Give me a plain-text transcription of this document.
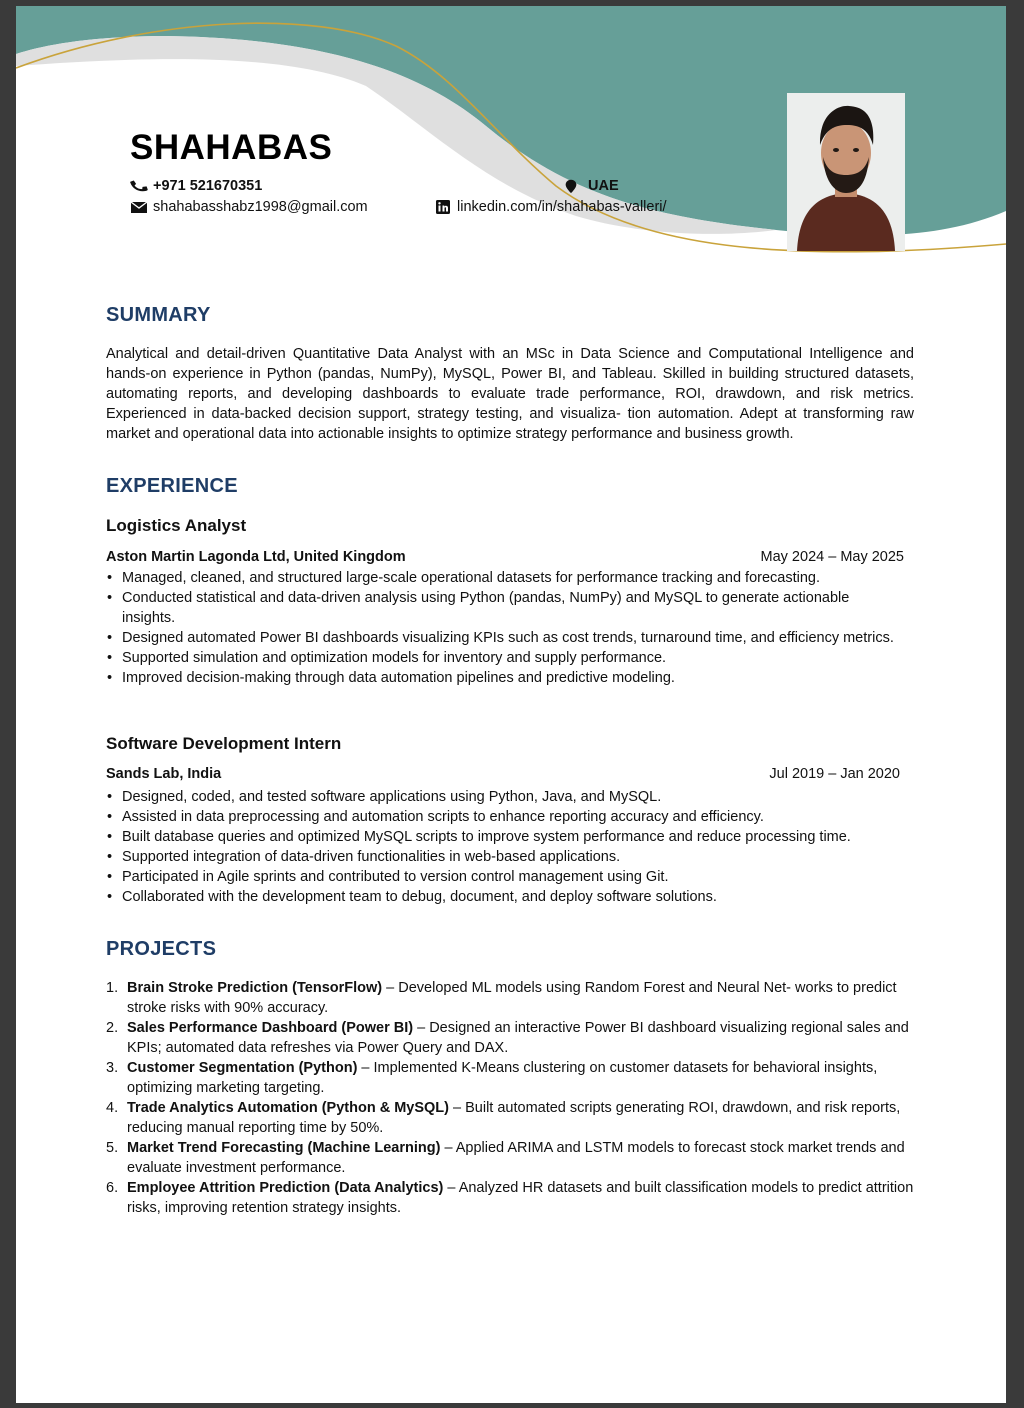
SHAHABAS
+971 521670351
shahabasshabz1998@gmail.com
UAE
linkedin.com/in/shahabas-valleri/
SUMMARY

Analytical and detail-driven Quantitative Data Analyst with an MSc in Data Science and Computational Intelligence and hands-on experience in Python (pandas, NumPy), MySQL, Power BI, and Tableau. Skilled in building structured datasets, automating reports, and developing dashboards to evaluate trade performance, ROI, drawdown, and risk metrics. Experienced in data-backed decision support, strategy testing, and visualiza- tion automation. Adept at transforming raw market and operational data into actionable insights to optimize strategy performance and business growth.

EXPERIENCE
Logistics Analyst
Aston Martin Lagonda Ltd, United Kingdom	May 2024 – May 2025
• Managed, cleaned, and structured large-scale operational datasets for performance tracking and forecasting.
• Conducted statistical and data-driven analysis using Python (pandas, NumPy) and MySQL to generate actionable insights.
• Designed automated Power BI dashboards visualizing KPIs such as cost trends, turnaround time, and efficiency metrics.
• Supported simulation and optimization models for inventory and supply performance.
• Improved decision-making through data automation pipelines and predictive modeling.
Software Development Intern
Sands Lab, India	Jul 2019 – Jan 2020
• Designed, coded, and tested software applications using Python, Java, and MySQL.
• Assisted in data preprocessing and automation scripts to enhance reporting accuracy and efficiency.
• Built database queries and optimized MySQL scripts to improve system performance and reduce processing time.
• Supported integration of data-driven functionalities in web-based applications.
• Participated in Agile sprints and contributed to version control management using Git.
• Collaborated with the development team to debug, document, and deploy software solutions.
PROJECTS
1. Brain Stroke Prediction (TensorFlow) – Developed ML models using Random Forest and Neural Net- works to predict stroke risks with 90% accuracy.
2. Sales Performance Dashboard (Power BI) – Designed an interactive Power BI dashboard visualizing regional sales and KPIs; automated data refreshes via Power Query and DAX.
3. Customer Segmentation (Python) – Implemented K-Means clustering on customer datasets for behavioral insights, optimizing marketing targeting.
4. Trade Analytics Automation (Python & MySQL) – Built automated scripts generating ROI, drawdown, and risk reports, reducing manual reporting time by 50%.
5. Market Trend Forecasting (Machine Learning) – Applied ARIMA and LSTM models to forecast stock market trends and evaluate investment performance.
6. Employee Attrition Prediction (Data Analytics) – Analyzed HR datasets and built classification models to predict attrition risks, improving retention strategy insights.
